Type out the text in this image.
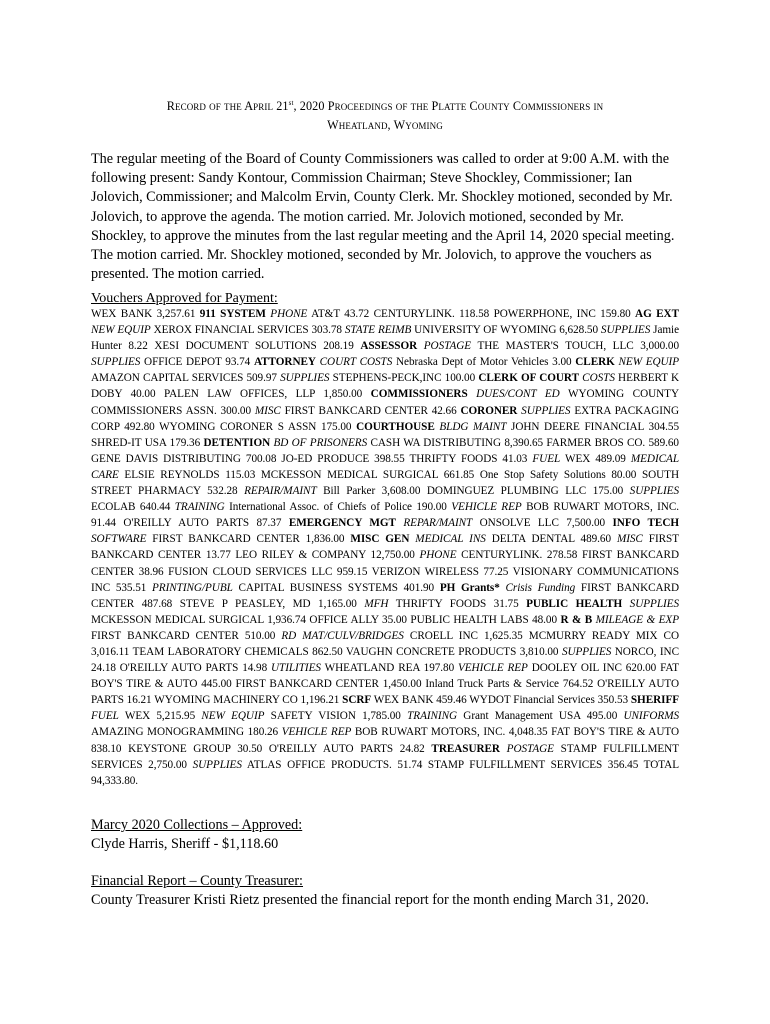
Record of the April 21st, 2020 Proceedings of the Platte County Commissioners in
Wheatland, Wyoming

The regular meeting of the Board of County Commissioners was called to order at 9:00 A.M. with the following present: Sandy Kontour, Commission Chairman; Steve Shockley, Commissioner; Ian Jolovich, Commissioner; and Malcolm Ervin, County Clerk. Mr. Shockley motioned, seconded by Mr. Jolovich, to approve the agenda. The motion carried. Mr. Jolovich motioned, seconded by Mr. Shockley, to approve the minutes from the last regular meeting and the April 14, 2020 special meeting. The motion carried. Mr. Shockley motioned, seconded by Mr. Jolovich, to approve the vouchers as presented. The motion carried.

Vouchers Approved for Payment:

WEX BANK 3,257.61 911 SYSTEM PHONE AT&T 43.72 CENTURYLINK. 118.58 POWERPHONE, INC 159.80 AG EXT NEW EQUIP XEROX FINANCIAL SERVICES 303.78 STATE REIMB UNIVERSITY OF WYOMING 6,628.50 SUPPLIES Jamie Hunter 8.22 XESI DOCUMENT SOLUTIONS 208.19 ASSESSOR POSTAGE THE MASTER'S TOUCH, LLC 3,000.00 SUPPLIES OFFICE DEPOT 93.74 ATTORNEY COURT COSTS Nebraska Dept of Motor Vehicles 3.00 CLERK NEW EQUIP AMAZON CAPITAL SERVICES 509.97 SUPPLIES STEPHENS-PECK,INC 100.00 CLERK OF COURT COSTS HERBERT K DOBY 40.00 PALEN LAW OFFICES, LLP 1,850.00 COMMISSIONERS DUES/CONT ED WYOMING COUNTY COMMISSIONERS ASSN. 300.00 MISC FIRST BANKCARD CENTER 42.66 CORONER SUPPLIES EXTRA PACKAGING CORP 492.80 WYOMING CORONER S ASSN 175.00 COURTHOUSE BLDG MAINT JOHN DEERE FINANCIAL 304.55 SHRED-IT USA 179.36 DETENTION BD OF PRISONERS CASH WA DISTRIBUTING 8,390.65 FARMER BROS CO. 589.60 GENE DAVIS DISTRIBUTING 700.08 JO-ED PRODUCE 398.55 THRIFTY FOODS 41.03 FUEL WEX 489.09 MEDICAL CARE ELSIE REYNOLDS 115.03 MCKESSON MEDICAL SURGICAL 661.85 One Stop Safety Solutions 80.00 SOUTH STREET PHARMACY 532.28 REPAIR/MAINT Bill Parker 3,608.00 DOMINGUEZ PLUMBING LLC 175.00 SUPPLIES ECOLAB 640.44 TRAINING International Assoc. of Chiefs of Police 190.00 VEHICLE REP BOB RUWART MOTORS, INC. 91.44 O'REILLY AUTO PARTS 87.37 EMERGENCY MGT REPAR/MAINT ONSOLVE LLC 7,500.00 INFO TECH SOFTWARE FIRST BANKCARD CENTER 1,836.00 MISC GEN MEDICAL INS DELTA DENTAL 489.60 MISC FIRST BANKCARD CENTER 13.77 LEO RILEY & COMPANY 12,750.00 PHONE CENTURYLINK. 278.58 FIRST BANKCARD CENTER 38.96 FUSION CLOUD SERVICES LLC 959.15 VERIZON WIRELESS 77.25 VISIONARY COMMUNICATIONS INC 535.51 PRINTING/PUBL CAPITAL BUSINESS SYSTEMS 401.90 PH Grants* Crisis Funding FIRST BANKCARD CENTER 487.68 STEVE P PEASLEY, MD 1,165.00 MFH THRIFTY FOODS 31.75 PUBLIC HEALTH SUPPLIES MCKESSON MEDICAL SURGICAL 1,936.74 OFFICE ALLY 35.00 PUBLIC HEALTH LABS 48.00 R & B MILEAGE & EXP FIRST BANKCARD CENTER 510.00 RD MAT/CULV/BRIDGES CROELL INC 1,625.35 MCMURRY READY MIX CO 3,016.11 TEAM LABORATORY CHEMICALS 862.50 VAUGHN CONCRETE PRODUCTS 3,810.00 SUPPLIES NORCO, INC 24.18 O'REILLY AUTO PARTS 14.98 UTILITIES WHEATLAND REA 197.80 VEHICLE REP DOOLEY OIL INC 620.00 FAT BOY'S TIRE & AUTO 445.00 FIRST BANKCARD CENTER 1,450.00 Inland Truck Parts & Service 764.52 O'REILLY AUTO PARTS 16.21 WYOMING MACHINERY CO 1,196.21 SCRF WEX BANK 459.46 WYDOT Financial Services 350.53 SHERIFF FUEL WEX 5,215.95 NEW EQUIP SAFETY VISION 1,785.00 TRAINING Grant Management USA 495.00 UNIFORMS AMAZING MONOGRAMMING 180.26 VEHICLE REP BOB RUWART MOTORS, INC. 4,048.35 FAT BOY'S TIRE & AUTO 838.10 KEYSTONE GROUP 30.50 O'REILLY AUTO PARTS 24.82 TREASURER POSTAGE STAMP FULFILLMENT SERVICES 2,750.00 SUPPLIES ATLAS OFFICE PRODUCTS. 51.74 STAMP FULFILLMENT SERVICES 356.45 TOTAL 94,333.80.

Marcy 2020 Collections – Approved:

Clyde Harris, Sheriff - $1,118.60

Financial Report – County Treasurer:

County Treasurer Kristi Rietz presented the financial report for the month ending March 31, 2020.
